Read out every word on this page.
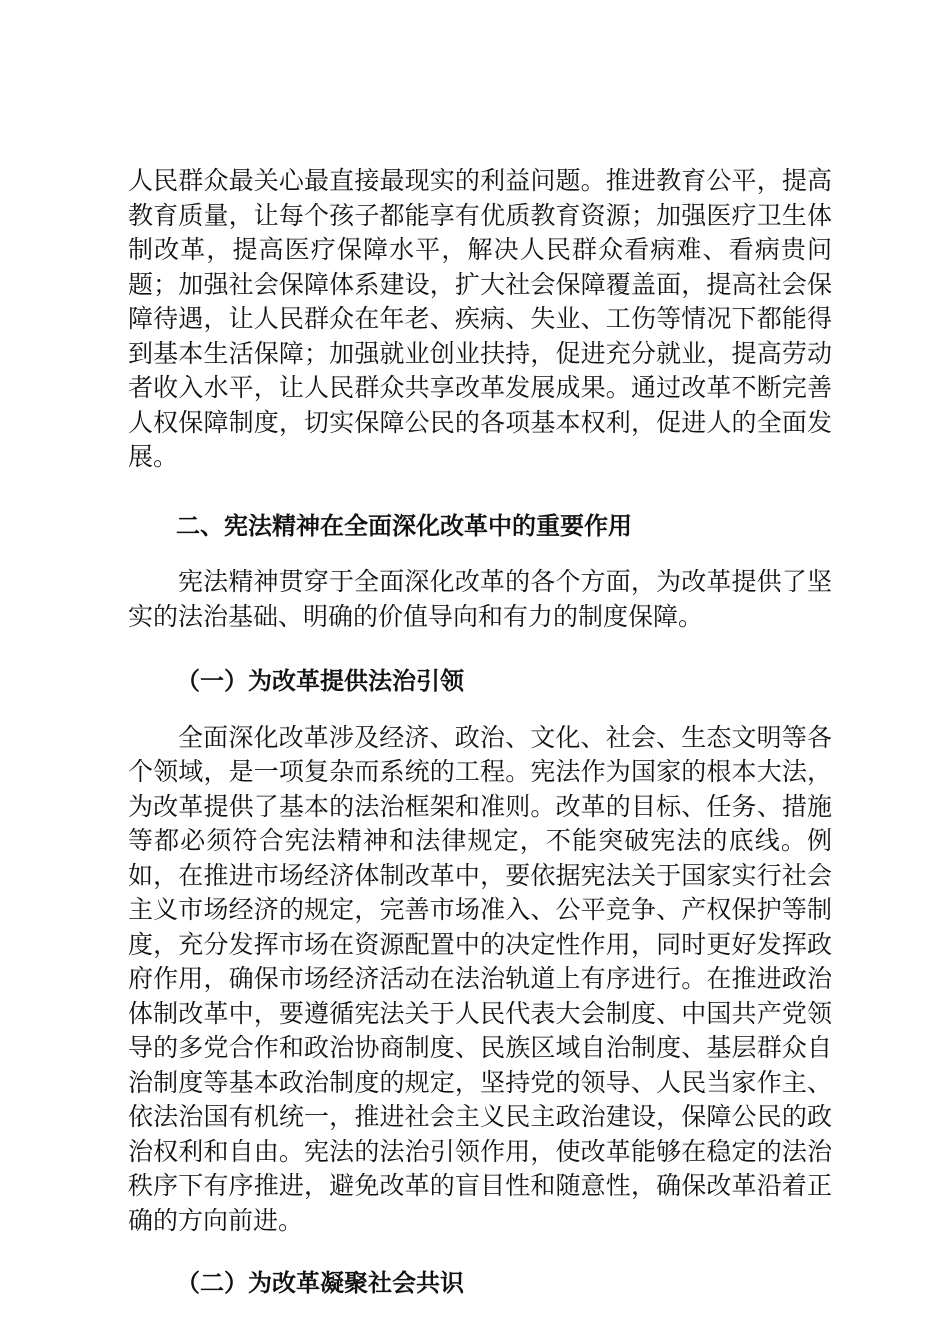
人民群众最关心最直接最现实的利益问题。推进教育公平，提高教育质量，让每个孩子都能享有优质教育资源；加强医疗卫生体制改革，提高医疗保障水平，解决人民群众看病难、看病贵问题；加强社会保障体系建设，扩大社会保障覆盖面，提高社会保障待遇，让人民群众在年老、疾病、失业、工伤等情况下都能得到基本生活保障；加强就业创业扶持，促进充分就业，提高劳动者收入水平，让人民群众共享改革发展成果。通过改革不断完善人权保障制度，切实保障公民的各项基本权利，促进人的全面发展。

二、宪法精神在全面深化改革中的重要作用

宪法精神贯穿于全面深化改革的各个方面，为改革提供了坚实的法治基础、明确的价值导向和有力的制度保障。

（一）为改革提供法治引领

全面深化改革涉及经济、政治、文化、社会、生态文明等各个领域，是一项复杂而系统的工程。宪法作为国家的根本大法，为改革提供了基本的法治框架和准则。改革的目标、任务、措施等都必须符合宪法精神和法律规定，不能突破宪法的底线。例如，在推进市场经济体制改革中，要依据宪法关于国家实行社会主义市场经济的规定，完善市场准入、公平竞争、产权保护等制度，充分发挥市场在资源配置中的决定性作用，同时更好发挥政府作用，确保市场经济活动在法治轨道上有序进行。在推进政治体制改革中，要遵循宪法关于人民代表大会制度、中国共产党领导的多党合作和政治协商制度、民族区域自治制度、基层群众自治制度等基本政治制度的规定，坚持党的领导、人民当家作主、依法治国有机统一，推进社会主义民主政治建设，保障公民的政治权利和自由。宪法的法治引领作用，使改革能够在稳定的法治秩序下有序推进，避免改革的盲目性和随意性，确保改革沿着正确的方向前进。

（二）为改革凝聚社会共识
